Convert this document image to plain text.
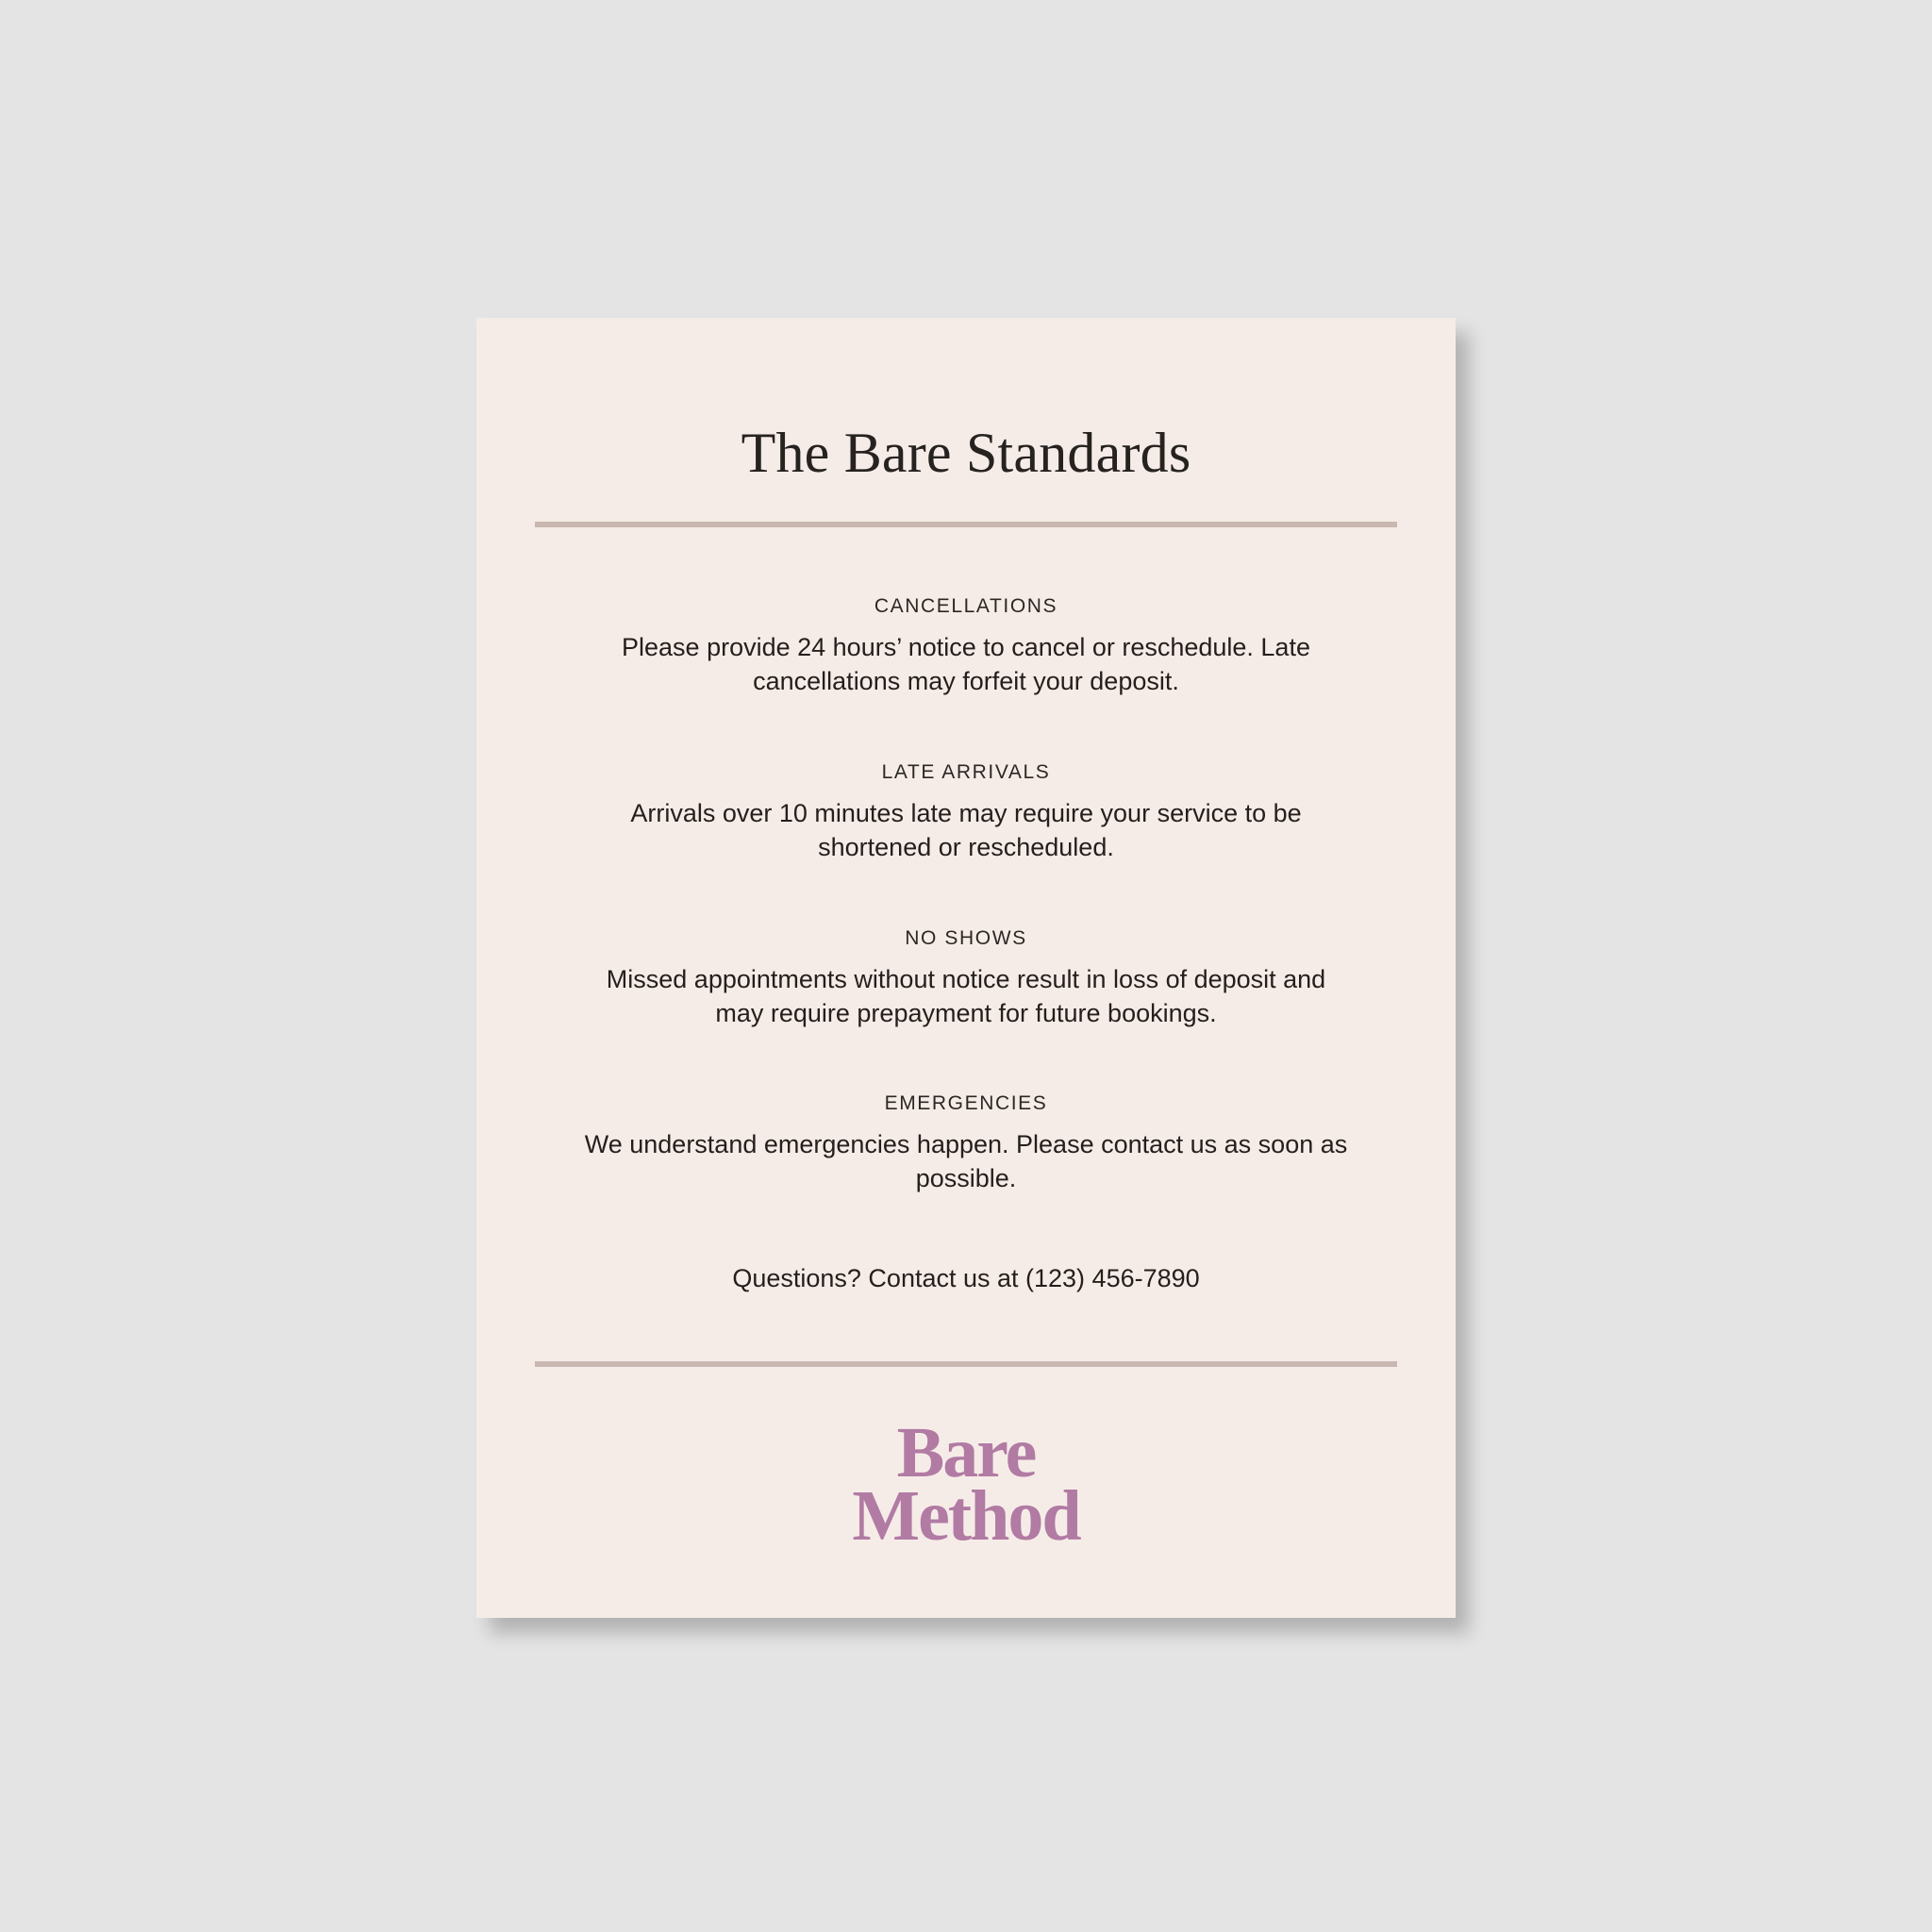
The Bare Standards
CANCELLATIONS
Please provide 24 hours’ notice to cancel or reschedule. Late cancellations may forfeit your deposit.
LATE ARRIVALS
Arrivals over 10 minutes late may require your service to be shortened or rescheduled.
NO SHOWS
Missed appointments without notice result in loss of deposit and may require prepayment for future bookings.
EMERGENCIES
We understand emergencies happen. Please contact us as soon as possible.
Questions? Contact us at (123) 456-7890
Bare
Method
